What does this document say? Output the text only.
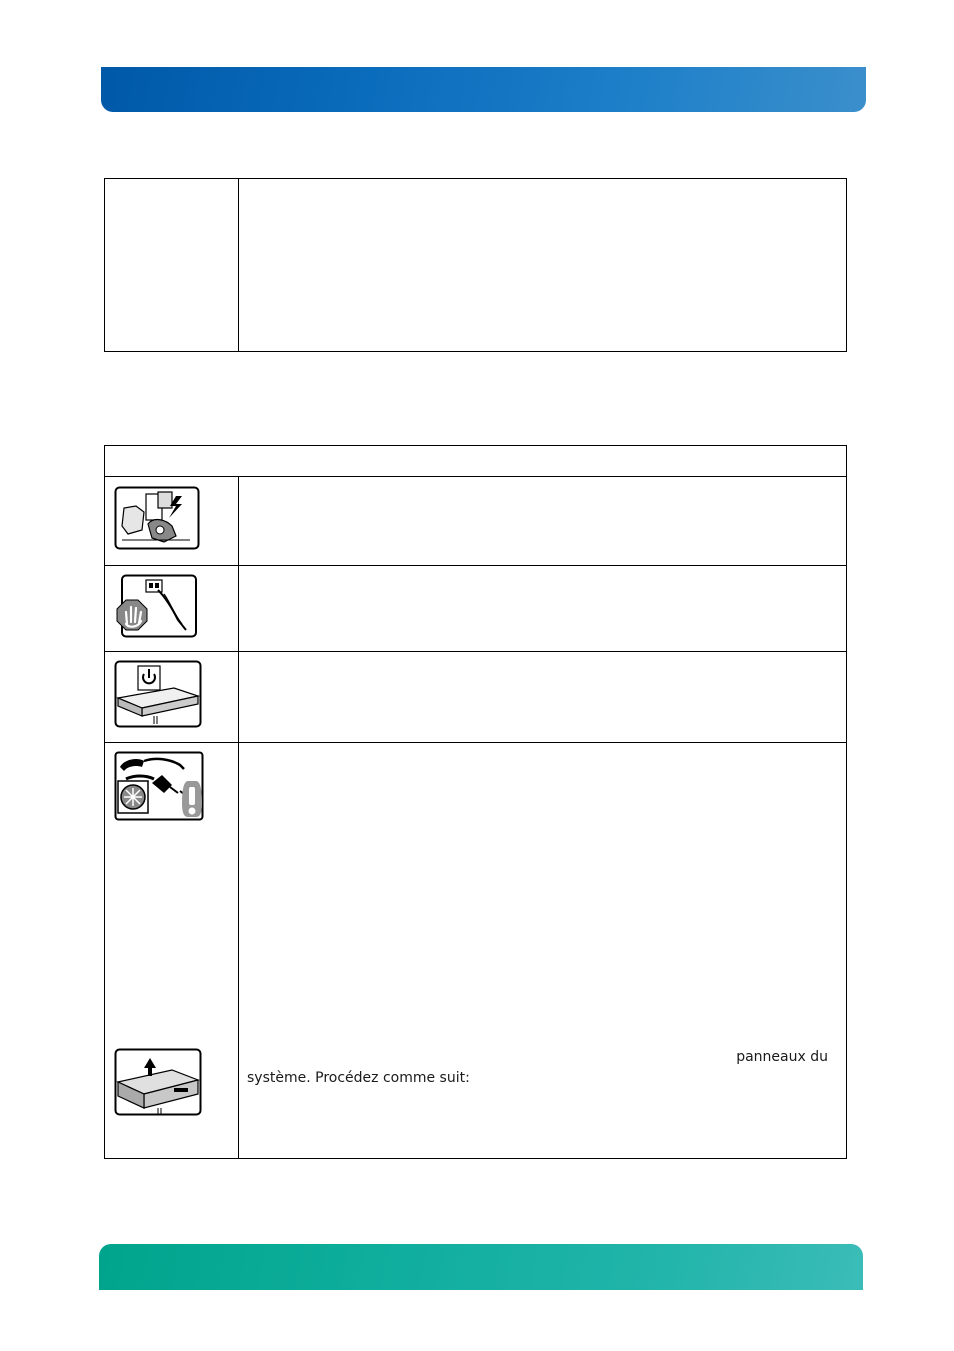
panneaux du
système. Procédez comme suit:
